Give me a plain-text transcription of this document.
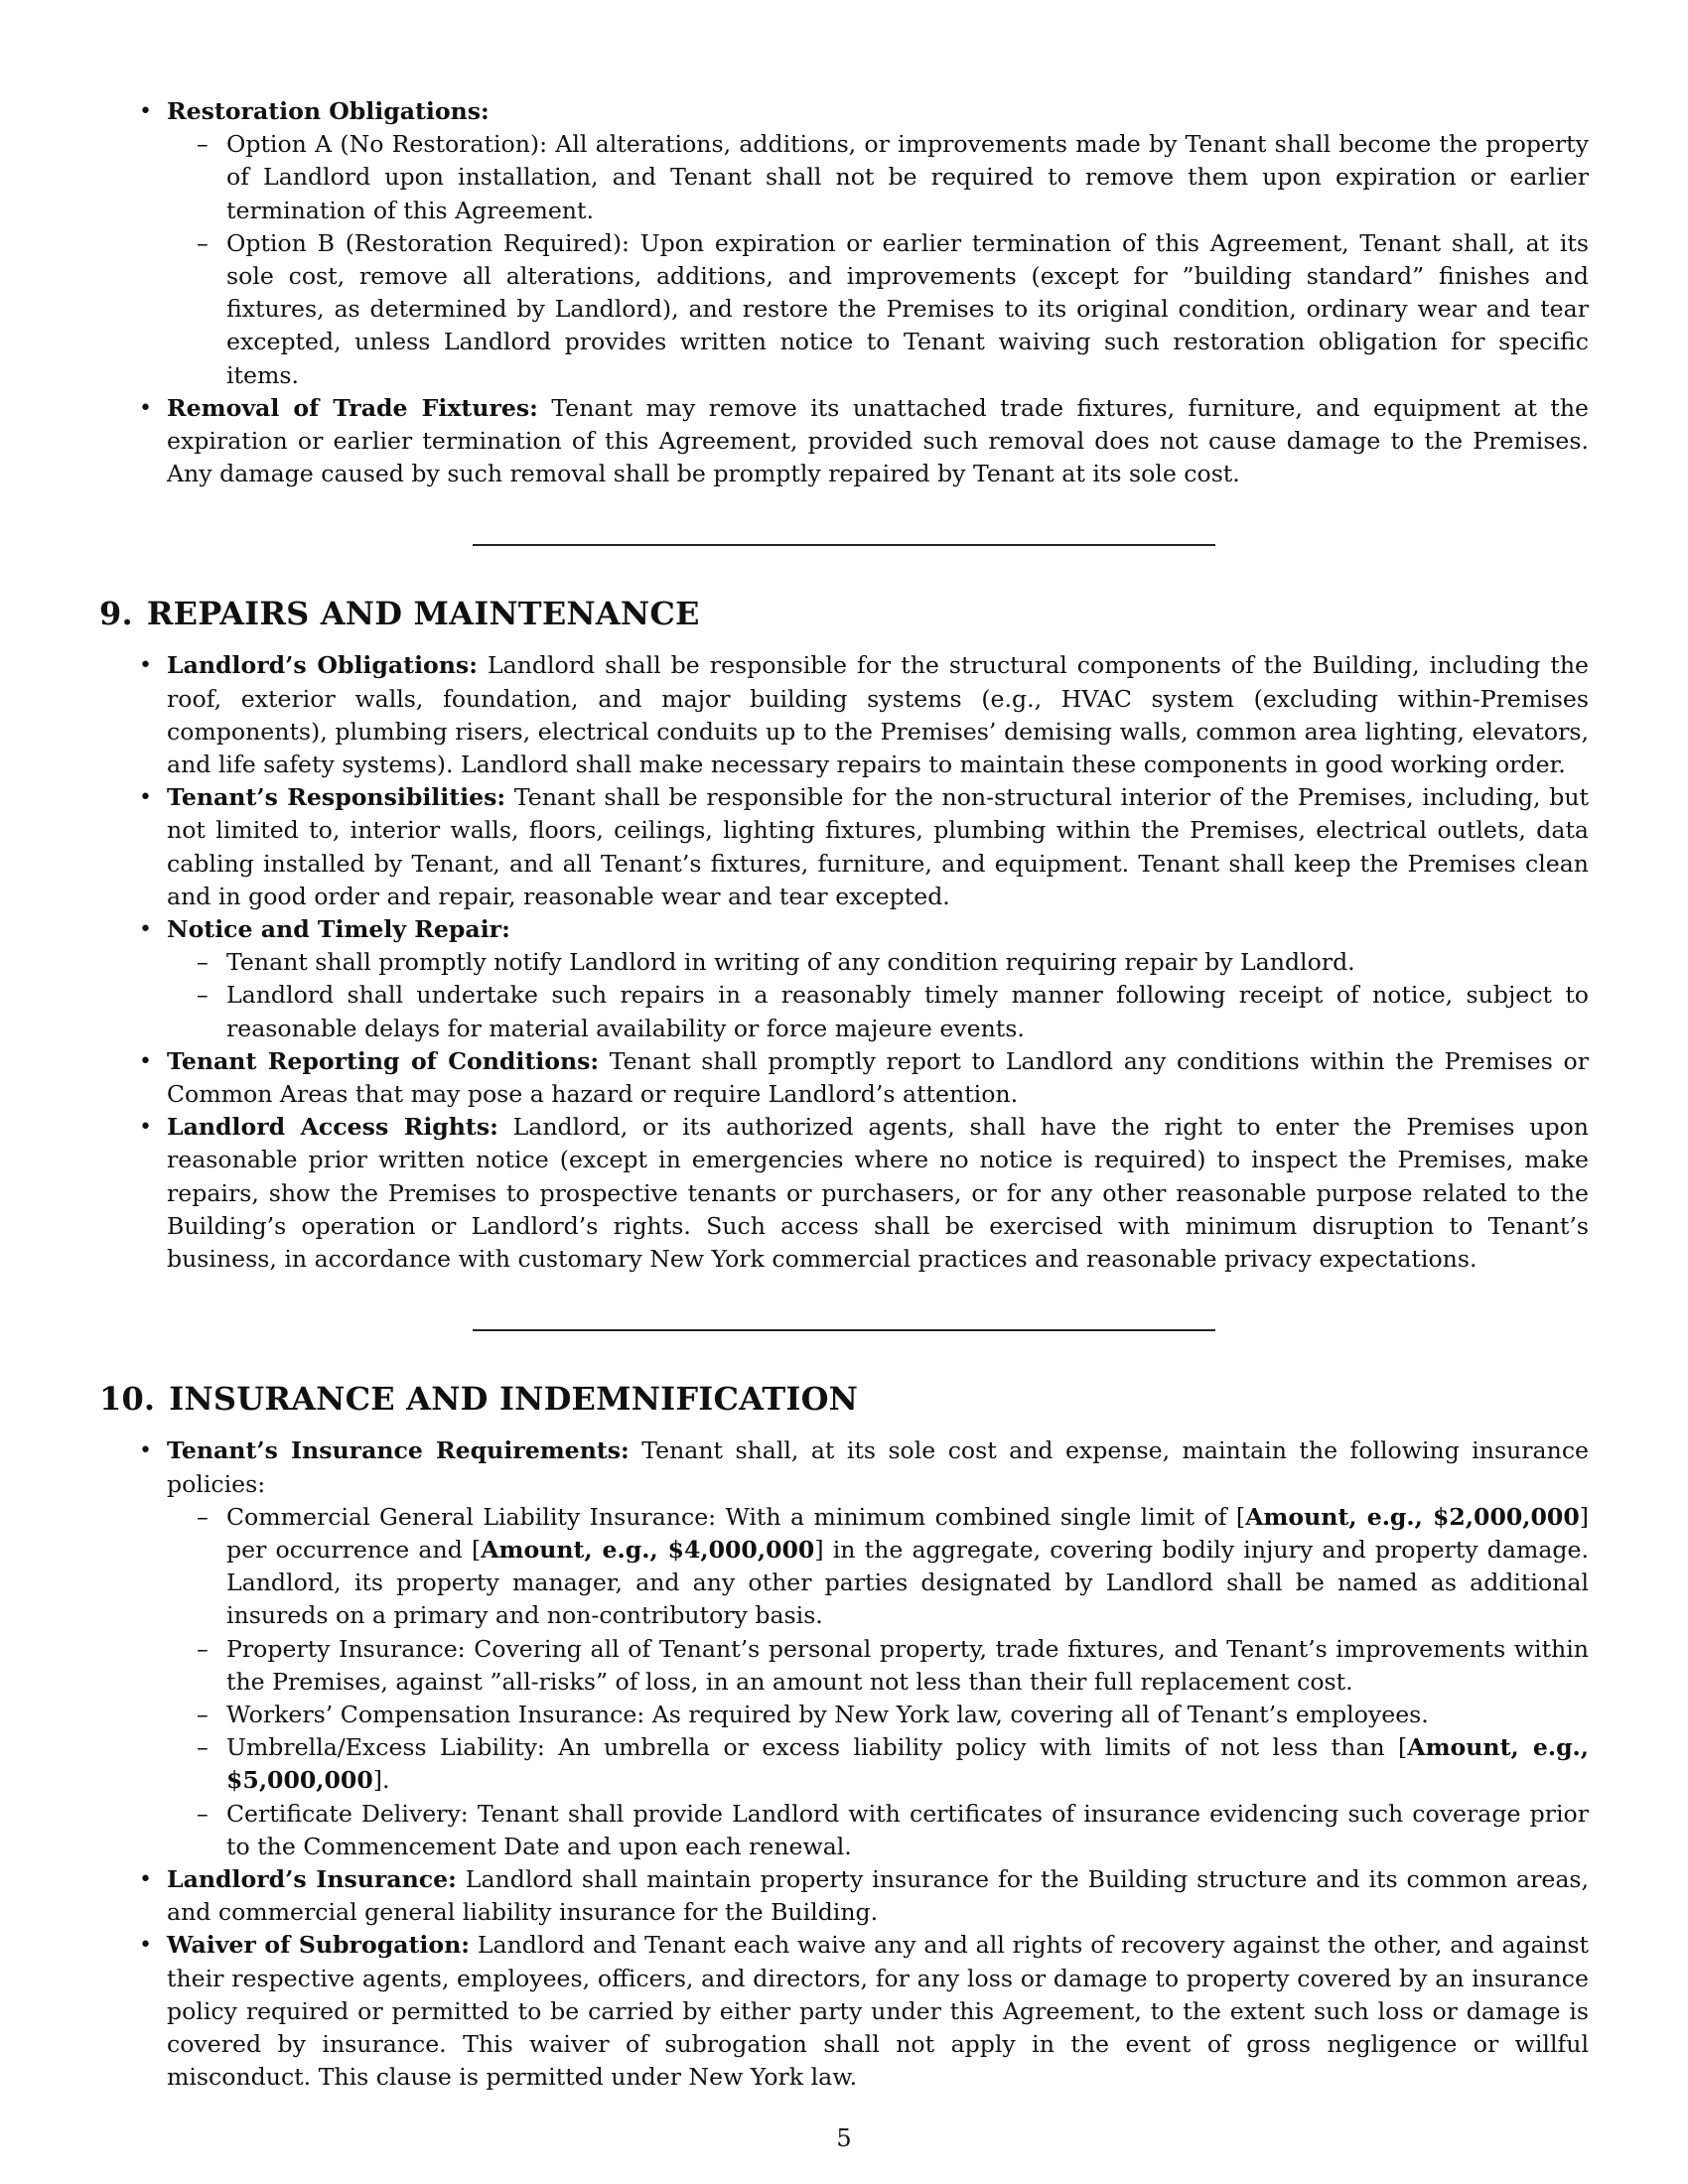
• Restoration Obligations:
– Option A (No Restoration): All alterations, additions, or improvements made by Tenant shall become the property of Landlord upon installation, and Tenant shall not be required to remove them upon expiration or earlier termination of this Agreement.
– Option B (Restoration Required): Upon expiration or earlier termination of this Agreement, Tenant shall, at its sole cost, remove all alterations, additions, and improvements (except for ”building standard” finishes and fixtures, as determined by Landlord), and restore the Premises to its original condition, ordinary wear and tear excepted, unless Landlord provides written notice to Tenant waiving such restoration obligation for specific items.
• Removal of Trade Fixtures: Tenant may remove its unattached trade fixtures, furniture, and equipment at the expiration or earlier termination of this Agreement, provided such removal does not cause damage to the Premises. Any damage caused by such removal shall be promptly repaired by Tenant at its sole cost.
9. REPAIRS AND MAINTENANCE
• Landlord’s Obligations: Landlord shall be responsible for the structural components of the Building, including the roof, exterior walls, foundation, and major building systems (e.g., HVAC system (excluding within-Premises components), plumbing risers, electrical conduits up to the Premises’ demising walls, common area lighting, elevators, and life safety systems). Landlord shall make necessary repairs to maintain these components in good working order.
• Tenant’s Responsibilities: Tenant shall be responsible for the non-structural interior of the Premises, including, but not limited to, interior walls, floors, ceilings, lighting fixtures, plumbing within the Premises, electrical outlets, data cabling installed by Tenant, and all Tenant’s fixtures, furniture, and equipment. Tenant shall keep the Premises clean and in good order and repair, reasonable wear and tear excepted.
• Notice and Timely Repair:
– Tenant shall promptly notify Landlord in writing of any condition requiring repair by Landlord.
– Landlord shall undertake such repairs in a reasonably timely manner following receipt of notice, subject to reasonable delays for material availability or force majeure events.
• Tenant Reporting of Conditions: Tenant shall promptly report to Landlord any conditions within the Premises or Common Areas that may pose a hazard or require Landlord’s attention.
• Landlord Access Rights: Landlord, or its authorized agents, shall have the right to enter the Premises upon reasonable prior written notice (except in emergencies where no notice is required) to inspect the Premises, make repairs, show the Premises to prospective tenants or purchasers, or for any other reasonable purpose related to the Building’s operation or Landlord’s rights. Such access shall be exercised with minimum disruption to Tenant’s business, in accordance with customary New York commercial practices and reasonable privacy expectations.
10. INSURANCE AND INDEMNIFICATION
• Tenant’s Insurance Requirements: Tenant shall, at its sole cost and expense, maintain the following insurance policies:
– Commercial General Liability Insurance: With a minimum combined single limit of [Amount, e.g., $2,000,000] per occurrence and [Amount, e.g., $4,000,000] in the aggregate, covering bodily injury and property damage. Landlord, its property manager, and any other parties designated by Landlord shall be named as additional insureds on a primary and non-contributory basis.
– Property Insurance: Covering all of Tenant’s personal property, trade fixtures, and Tenant’s improvements within the Premises, against ”all-risks” of loss, in an amount not less than their full replacement cost.
– Workers’ Compensation Insurance: As required by New York law, covering all of Tenant’s employees.
– Umbrella/Excess Liability: An umbrella or excess liability policy with limits of not less than [Amount, e.g., $5,000,000].
– Certificate Delivery: Tenant shall provide Landlord with certificates of insurance evidencing such coverage prior to the Commencement Date and upon each renewal.
• Landlord’s Insurance: Landlord shall maintain property insurance for the Building structure and its common areas, and commercial general liability insurance for the Building.
• Waiver of Subrogation: Landlord and Tenant each waive any and all rights of recovery against the other, and against their respective agents, employees, officers, and directors, for any loss or damage to property covered by an insurance policy required or permitted to be carried by either party under this Agreement, to the extent such loss or damage is covered by insurance. This waiver of subrogation shall not apply in the event of gross negligence or willful misconduct. This clause is permitted under New York law.
5
